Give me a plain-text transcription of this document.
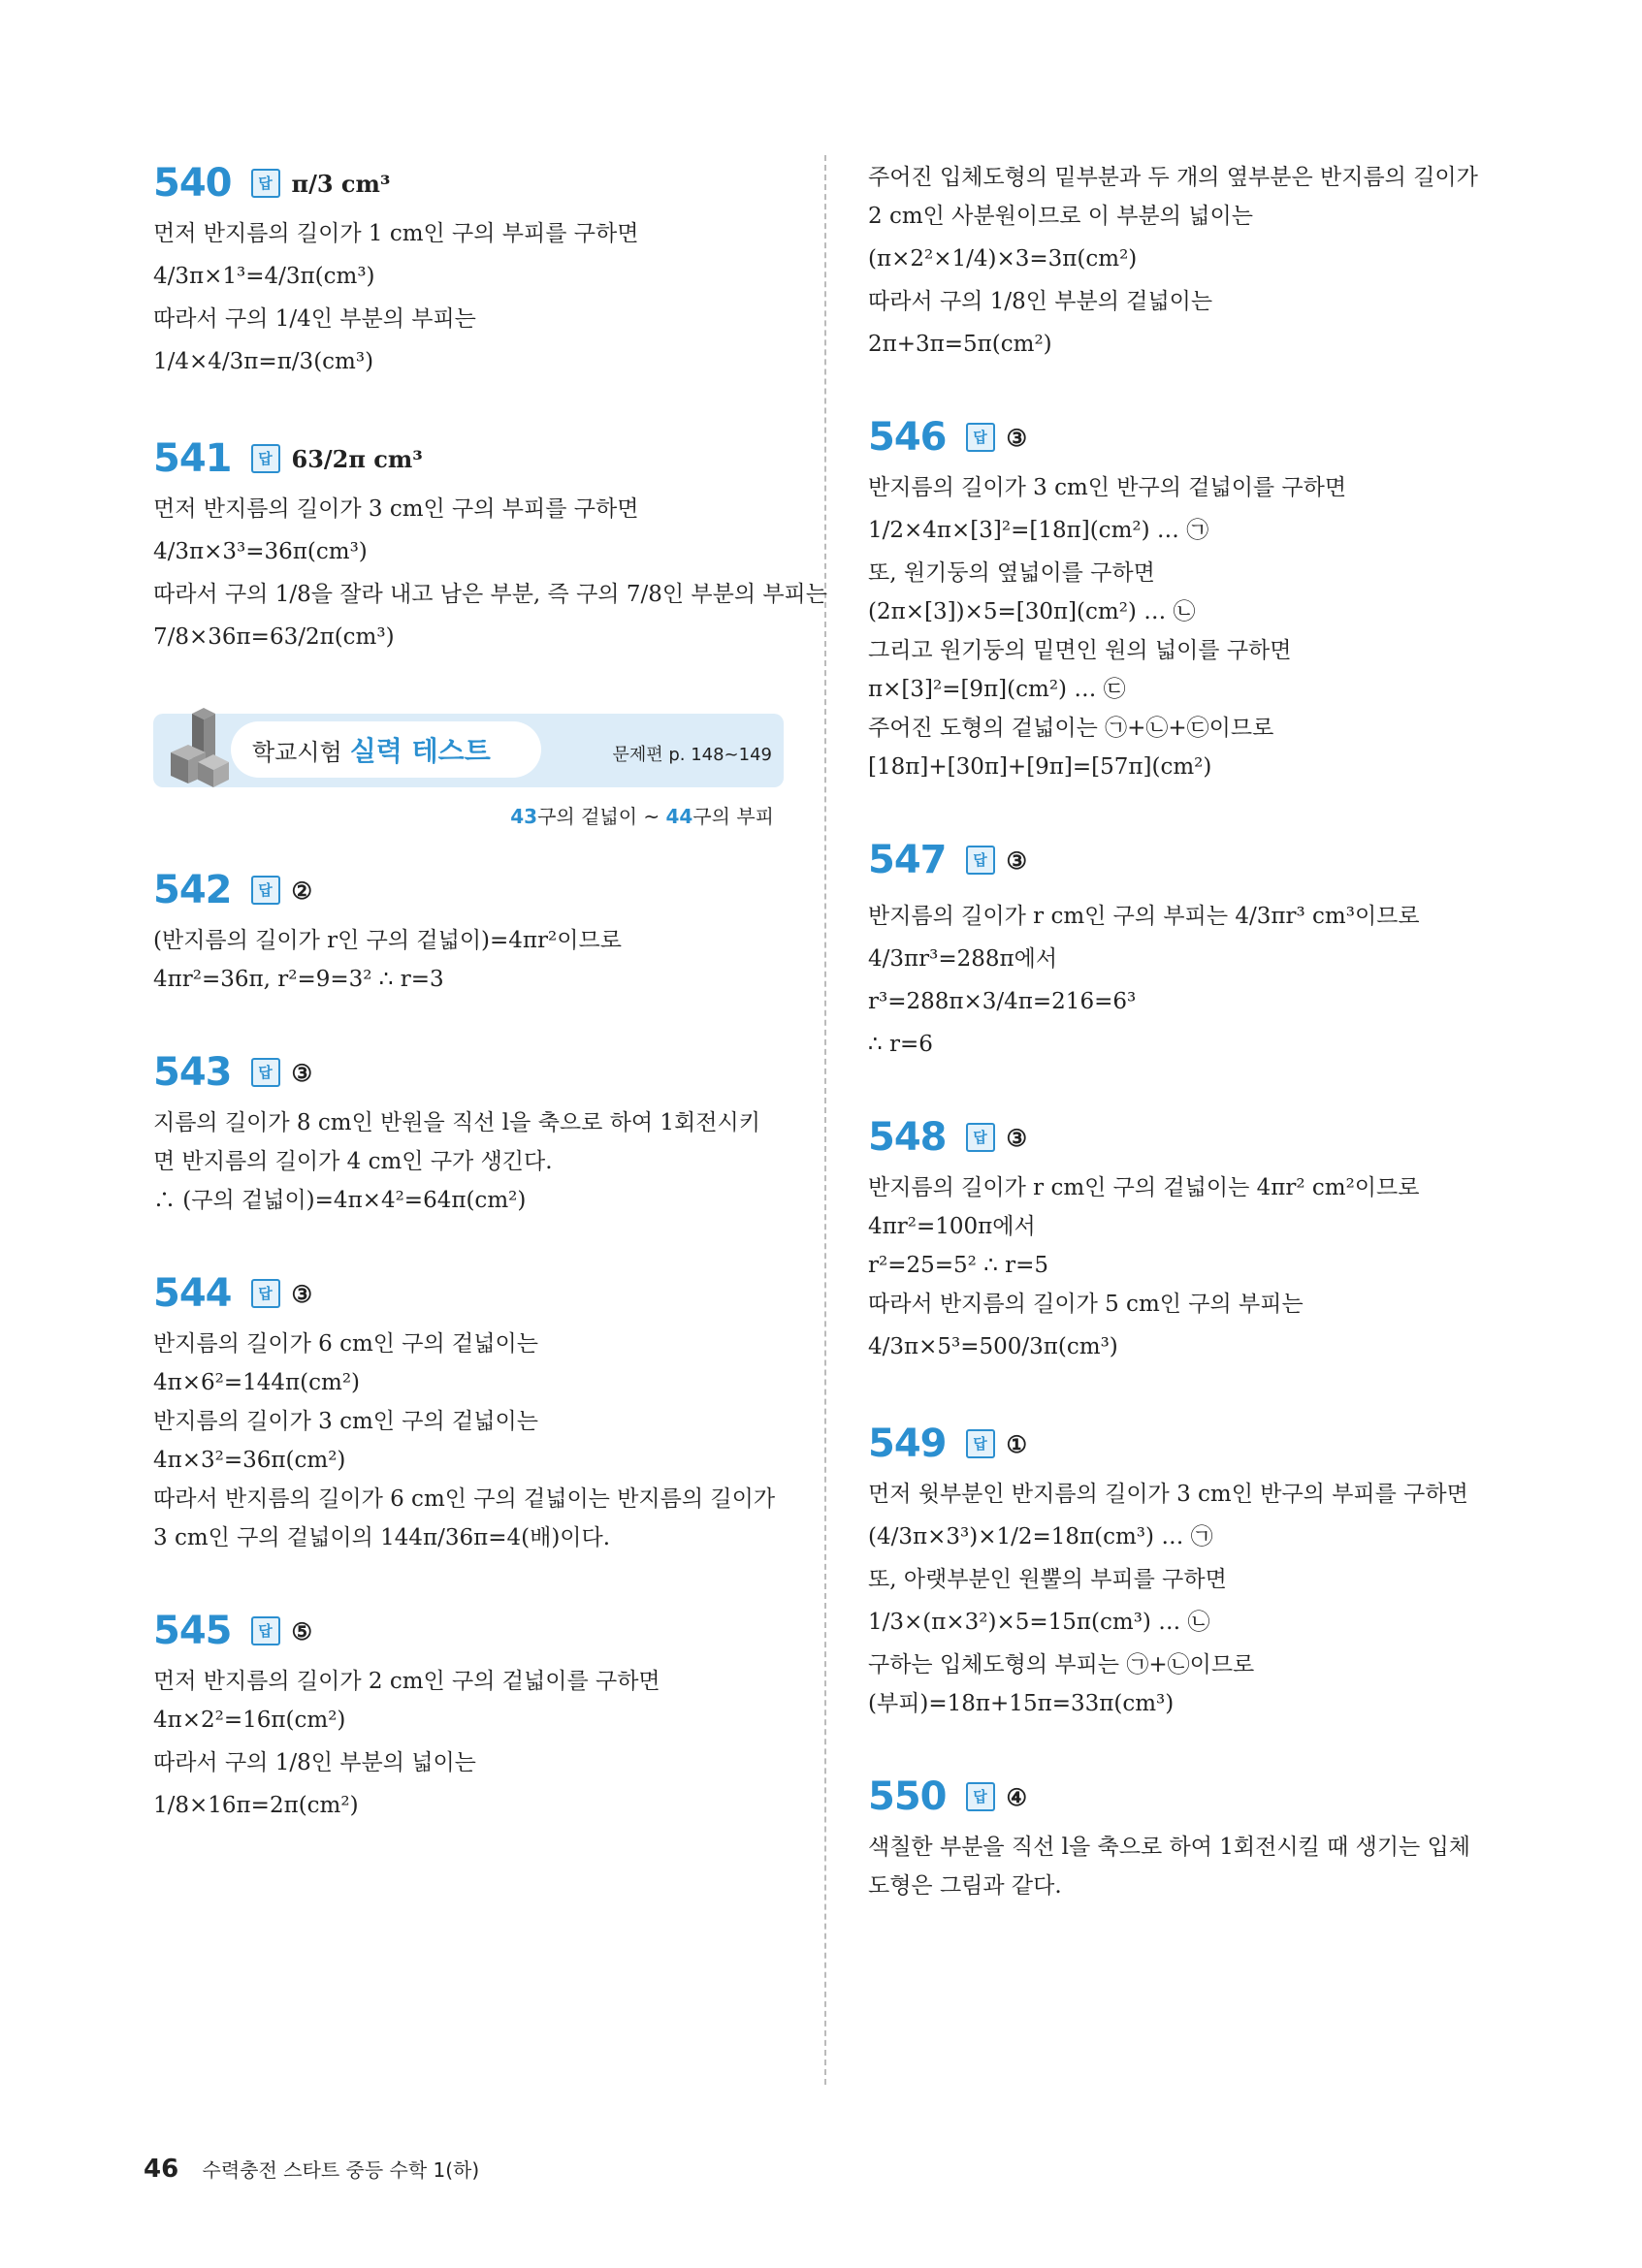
540	답 π/3 cm³
먼저 반지름의 길이가 1 cm인 구의 부피를 구하면
4/3π×1³=4/3π(cm³)
따라서 구의 1/4인 부분의 부피는
1/4×4/3π=π/3(cm³)
541	답 63/2π cm³
먼저 반지름의 길이가 3 cm인 구의 부피를 구하면
4/3π×3³=36π(cm³)
따라서 구의 1/8을 잘라 내고 남은 부분, 즉 구의 7/8인 부분의 부피는
7/8×36π=63/2π(cm³)
학교시험 실력 테스트	문제편 p. 148~149
43구의 겉넓이 ~ 44구의 부피
542	답 ②
(반지름의 길이가 r인 구의 겉넓이)=4πr²이므로
4πr²=36π, r²=9=3² ∴ r=3
543	답 ③
지름의 길이가 8 cm인 반원을 직선 l을 축으로 하여 1회전시키
면 반지름의 길이가 4 cm인 구가 생긴다.
∴ (구의 겉넓이)=4π×4²=64π(cm²)
544	답 ③
반지름의 길이가 6 cm인 구의 겉넓이는
4π×6²=144π(cm²)
반지름의 길이가 3 cm인 구의 겉넓이는
4π×3²=36π(cm²)
따라서 반지름의 길이가 6 cm인 구의 겉넓이는 반지름의 길이가
3 cm인 구의 겉넓이의 144π/36π=4(배)이다.
545	답 ⑤
먼저 반지름의 길이가 2 cm인 구의 겉넓이를 구하면
4π×2²=16π(cm²)
따라서 구의 1/8인 부분의 넓이는
1/8×16π=2π(cm²)
주어진 입체도형의 밑부분과 두 개의 옆부분은 반지름의 길이가
2 cm인 사분원이므로 이 부분의 넓이는
(π×2²×1/4)×3=3π(cm²)
따라서 구의 1/8인 부분의 겉넓이는
2π+3π=5π(cm²)
546	답 ③
반지름의 길이가 3 cm인 반구의 겉넓이를 구하면
1/2×4π×[3]²=[18π](cm²) … ㉠
또, 원기둥의 옆넓이를 구하면
(2π×[3])×5=[30π](cm²) … ㉡
그리고 원기둥의 밑면인 원의 넓이를 구하면
π×[3]²=[9π](cm²) … ㉢
주어진 도형의 겉넓이는 ㉠+㉡+㉢이므로
[18π]+[30π]+[9π]=[57π](cm²)
547	답 ③
반지름의 길이가 r cm인 구의 부피는 4/3πr³ cm³이므로
4/3πr³=288π에서
r³=288π×3/4π=216=6³
∴ r=6
548	답 ③
반지름의 길이가 r cm인 구의 겉넓이는 4πr² cm²이므로
4πr²=100π에서
r²=25=5² ∴ r=5
따라서 반지름의 길이가 5 cm인 구의 부피는
4/3π×5³=500/3π(cm³)
549	답 ①
먼저 윗부분인 반지름의 길이가 3 cm인 반구의 부피를 구하면
(4/3π×3³)×1/2=18π(cm³) … ㉠
또, 아랫부분인 원뿔의 부피를 구하면
1/3×(π×3²)×5=15π(cm³) … ㉡
구하는 입체도형의 부피는 ㉠+㉡이므로
(부피)=18π+15π=33π(cm³)
550	답 ④
색칠한 부분을 직선 l을 축으로 하여 1회전시킬 때 생기는 입체
도형은 그림과 같다.
46 수력충전 스타트 중등 수학 1(하)
